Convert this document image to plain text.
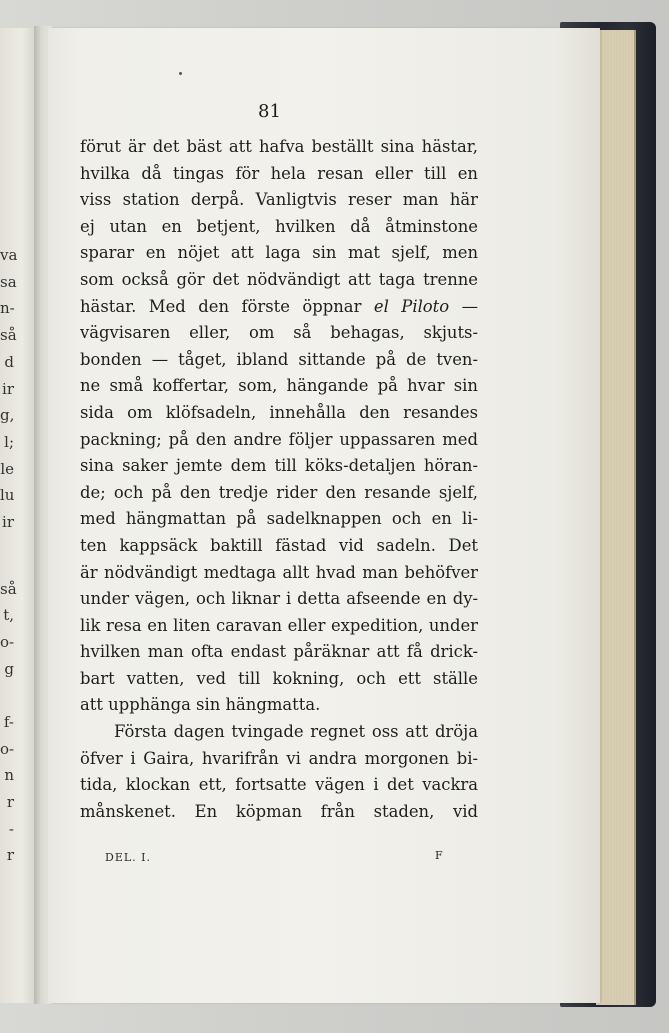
va
sa
n-
så
d
ir
g,
l;
le
lu
ir
så
t,
o-
g
f-
o-
n
r
-
r
81
förut är det bäst att hafva beställt sina hästar,
hvilka då tingas för hela resan eller till en
viss station derpå. Vanligtvis reser man här
ej utan en betjent, hvilken då åtminstone
sparar en nöjet att laga sin mat sjelf, men
som också gör det nödvändigt att taga trenne
hästar. Med den förste öppnar el Piloto —
vägvisaren eller, om så behagas, skjuts-
bonden — tåget, ibland sittande på de tven-
ne små koffertar, som, hängande på hvar sin
sida om klöfsadeln, innehålla den resandes
packning; på den andre följer uppassaren med
sina saker jemte dem till köks-detaljen höran-
de; och på den tredje rider den resande sjelf,
med hängmattan på sadelknappen och en li-
ten kappsäck baktill fästad vid sadeln. Det
är nödvändigt medtaga allt hvad man behöfver
under vägen, och liknar i detta afseende en dy-
lik resa en liten caravan eller expedition, under
hvilken man ofta endast påräknar att få drick-
bart vatten, ved till kokning, och ett ställe
att upphänga sin hängmatta.
Första dagen tvingade regnet oss att dröja
öfver i Gaira, hvarifrån vi andra morgonen bi-
tida, klockan ett, fortsatte vägen i det vackra
månskenet. En köpman från staden, vid
DEL. I.	F
